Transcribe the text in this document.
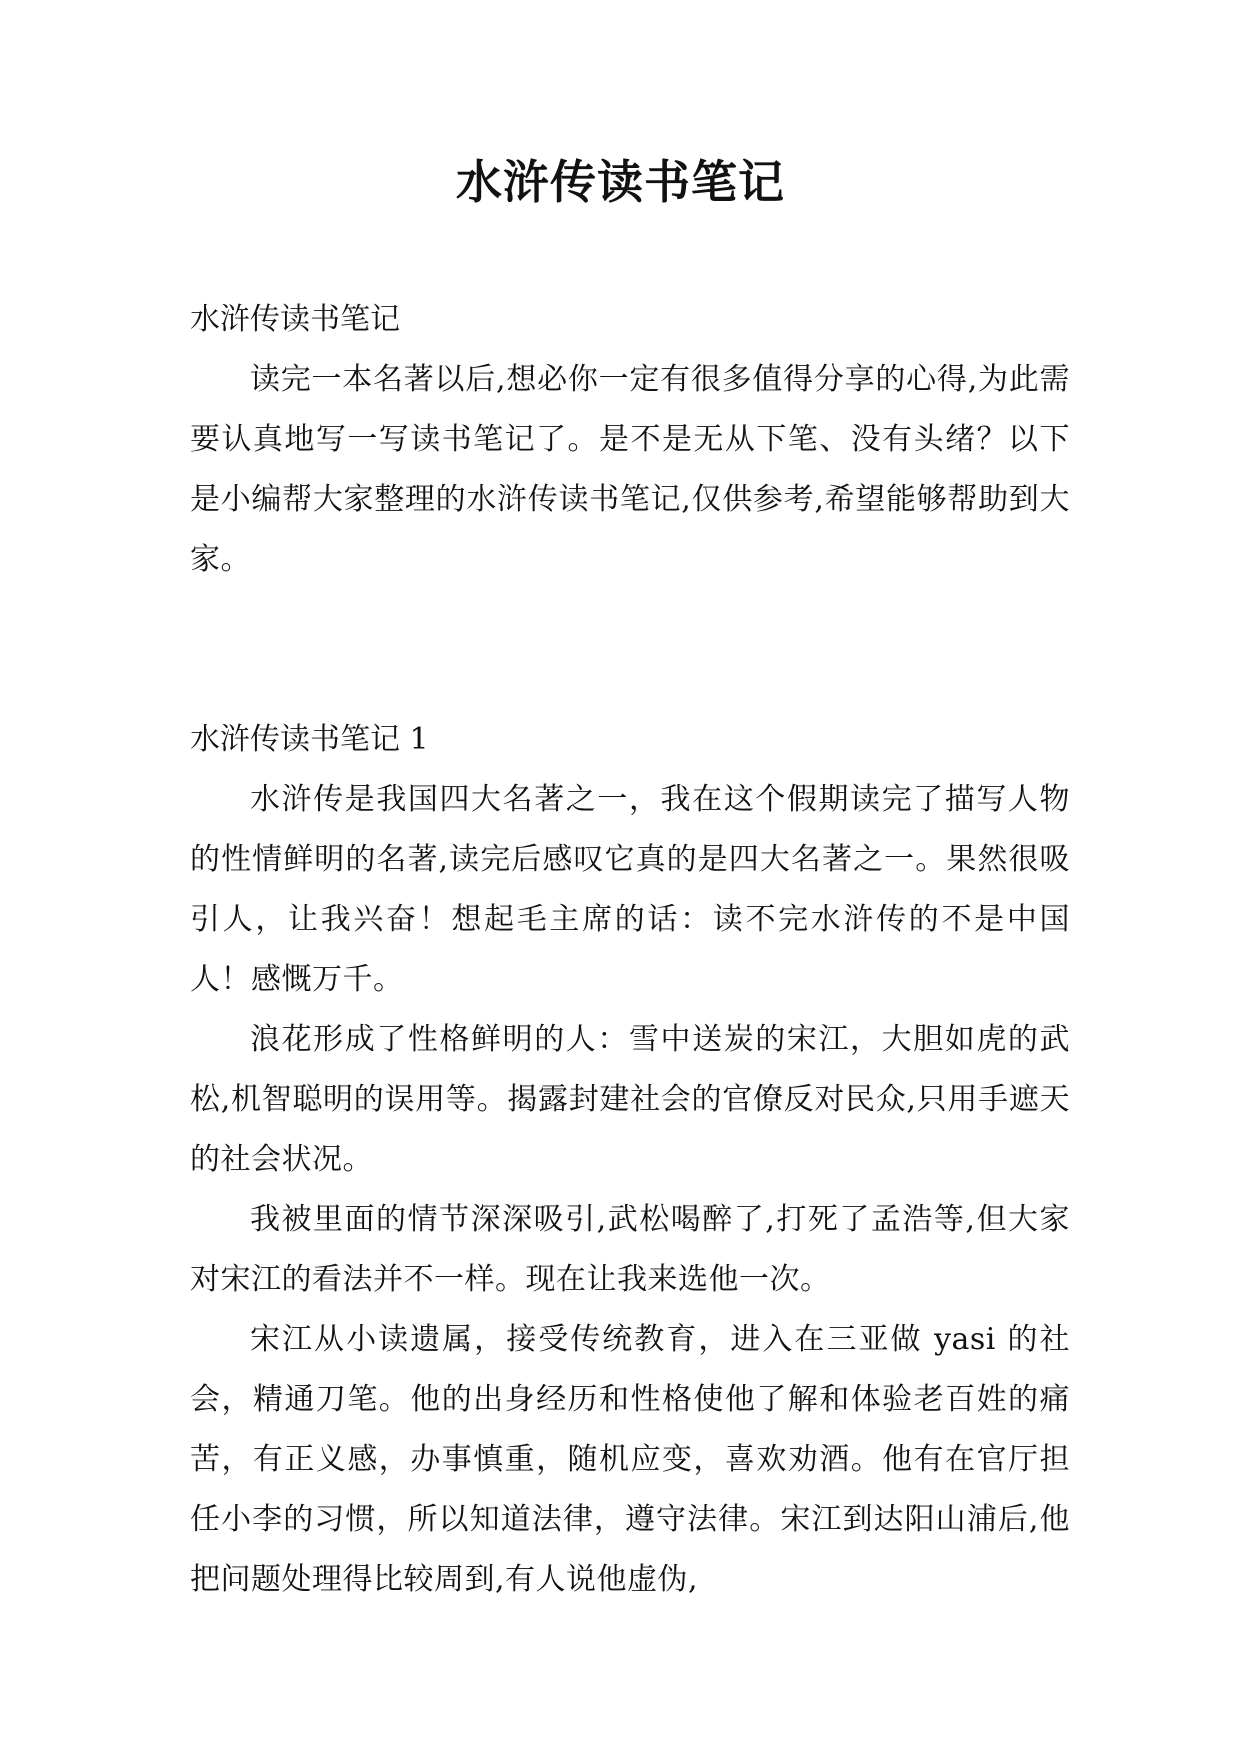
水浒传读书笔记

水浒传读书笔记

读完一本名著以后,想必你一定有很多值得分享的心得,为此需要认真地写一写读书笔记了。是不是无从下笔、没有头绪？以下是小编帮大家整理的水浒传读书笔记,仅供参考,希望能够帮助到大家。

水浒传读书笔记 1

水浒传是我国四大名著之一，我在这个假期读完了描写人物的性情鲜明的名著,读完后感叹它真的是四大名著之一。果然很吸引人，让我兴奋！想起毛主席的话：读不完水浒传的不是中国人！感慨万千。

浪花形成了性格鲜明的人：雪中送炭的宋江，大胆如虎的武松,机智聪明的误用等。揭露封建社会的官僚反对民众,只用手遮天的社会状况。

我被里面的情节深深吸引,武松喝醉了,打死了孟浩等,但大家对宋江的看法并不一样。现在让我来选他一次。

宋江从小读遗属，接受传统教育，进入在三亚做 yasi 的社会，精通刀笔。他的出身经历和性格使他了解和体验老百姓的痛苦，有正义感，办事慎重，随机应变，喜欢劝酒。他有在官厅担任小李的习惯，所以知道法律，遵守法律。宋江到达阳山浦后,他把问题处理得比较周到,有人说他虚伪,
